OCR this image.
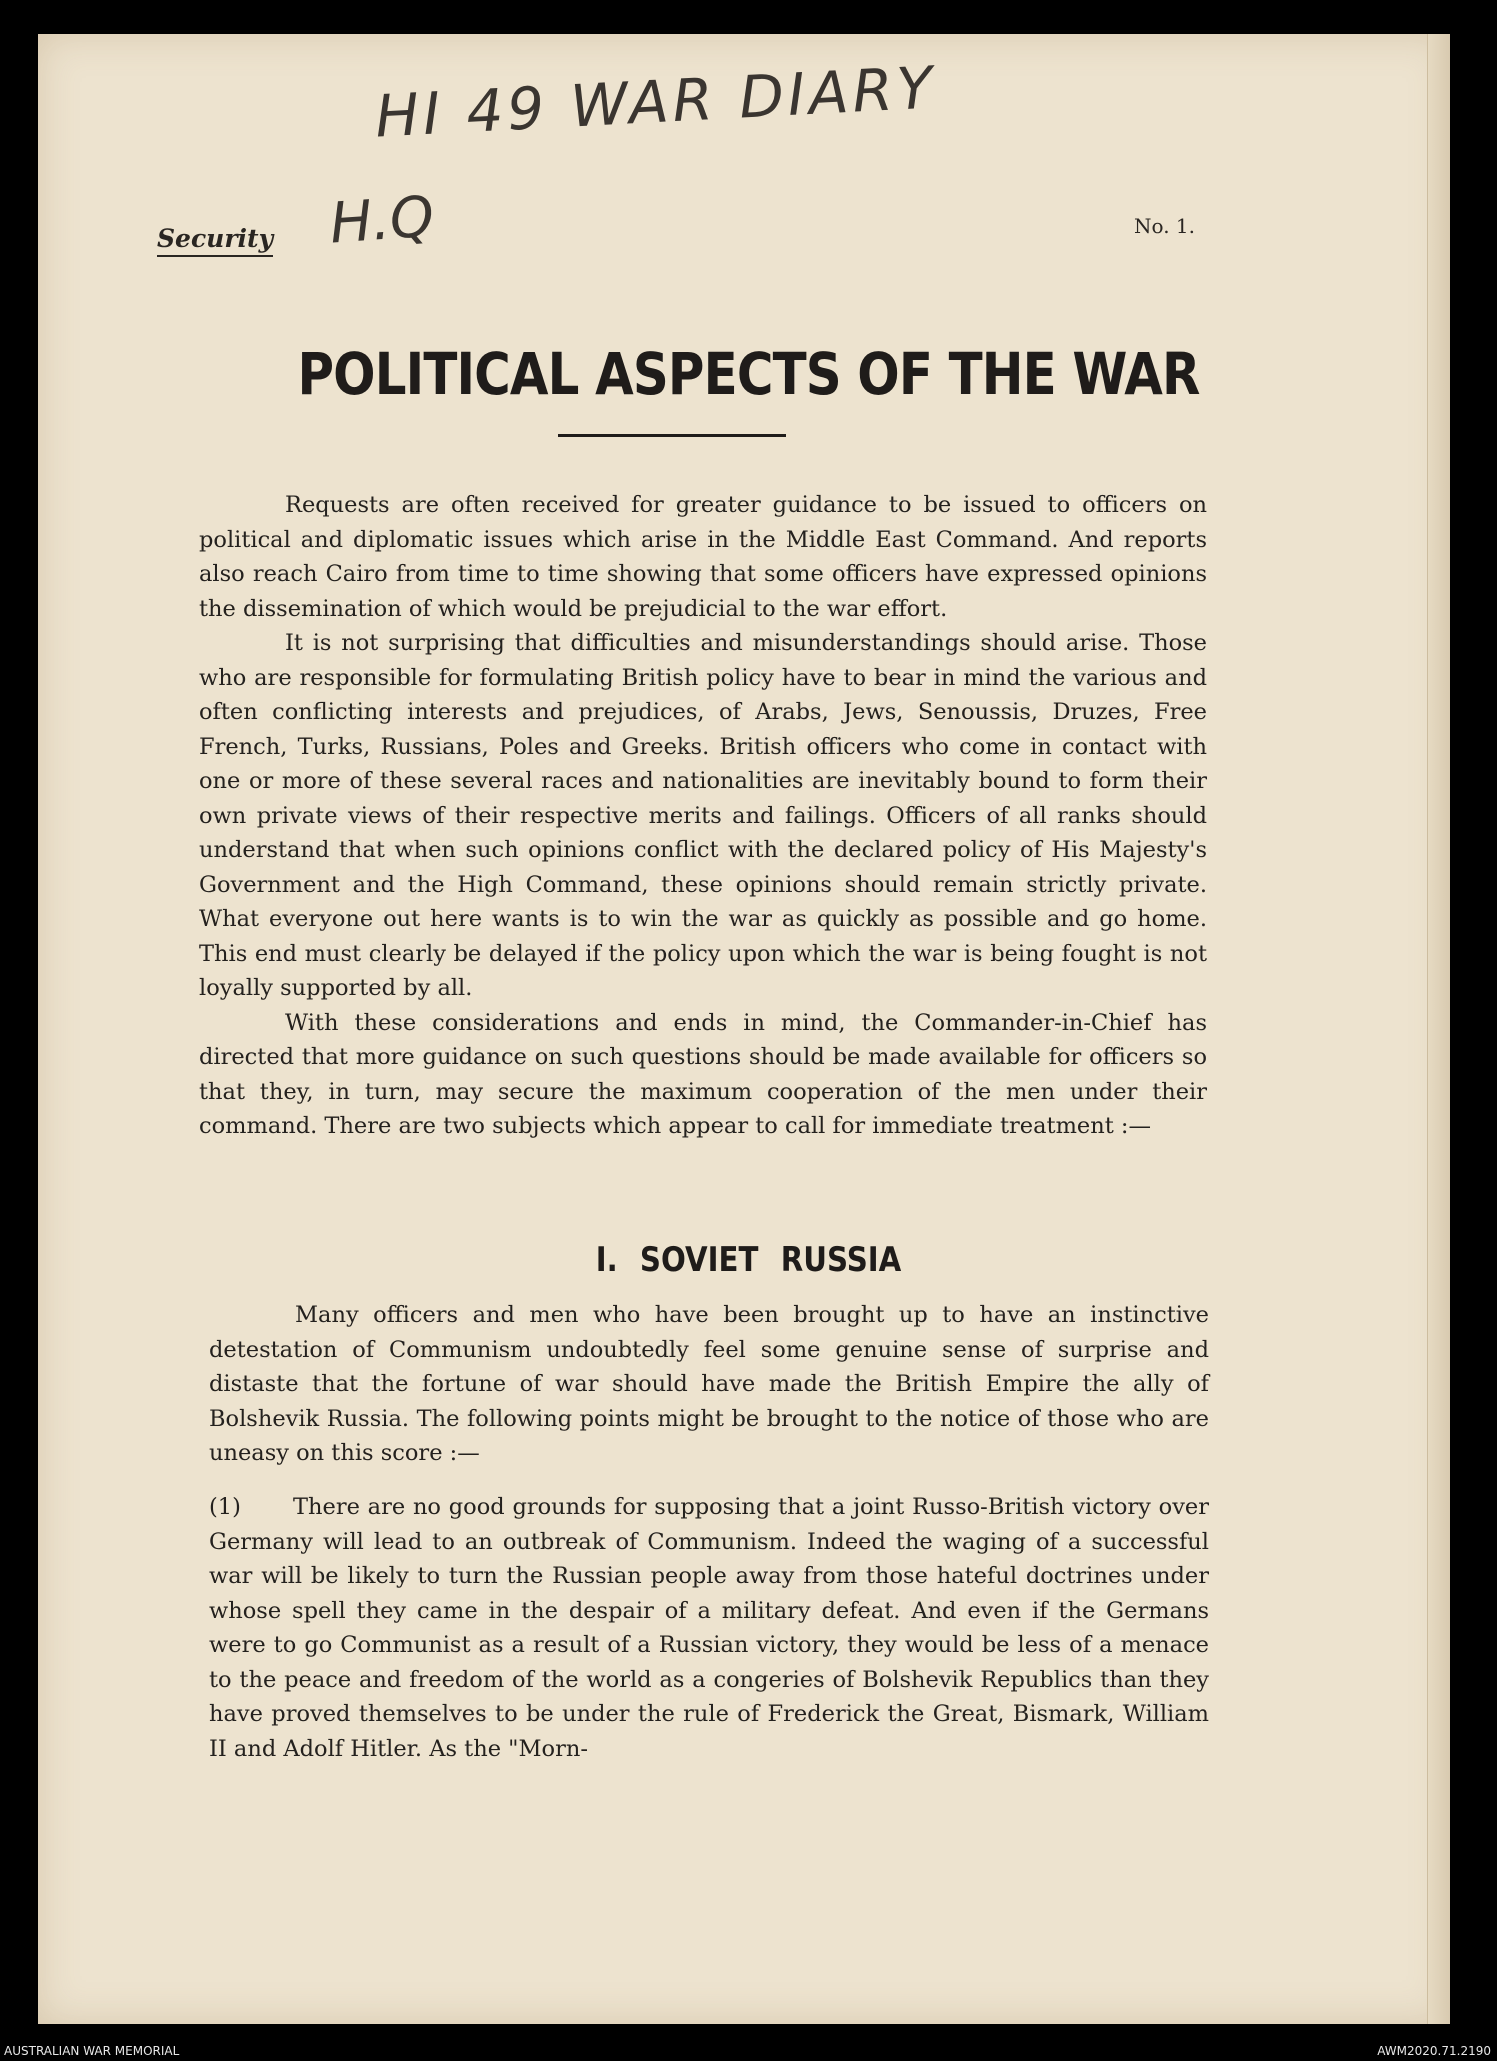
HI 49 WAR DIARY
H.Q
Security	No. 1.
POLITICAL ASPECTS OF THE WAR

Requests are often received for greater guidance to be issued to officers on political and diplomatic issues which arise in the Middle East Command. And reports also reach Cairo from time to time showing that some officers have expressed opinions the dissemination of which would be prejudicial to the war effort.

It is not surprising that difficulties and misunderstandings should arise. Those who are responsible for formulating British policy have to bear in mind the various and often conflicting interests and prejudices, of Arabs, Jews, Senoussis, Druzes, Free French, Turks, Russians, Poles and Greeks. British officers who come in contact with one or more of these several races and nationalities are inevitably bound to form their own private views of their respective merits and failings. Officers of all ranks should understand that when such opinions conflict with the declared policy of His Majesty's Government and the High Command, these opinions should remain strictly private. What everyone out here wants is to win the war as quickly as possible and go home. This end must clearly be delayed if the policy upon which the war is being fought is not loyally supported by all.

With these considerations and ends in mind, the Commander-in-Chief has directed that more guidance on such questions should be made available for officers so that they, in turn, may secure the maximum cooperation of the men under their command. There are two subjects which appear to call for immediate treatment :—

I. SOVIET RUSSIA

Many officers and men who have been brought up to have an instinctive detestation of Communism undoubtedly feel some genuine sense of surprise and distaste that the fortune of war should have made the British Empire the ally of Bolshevik Russia. The following points might be brought to the notice of those who are uneasy on this score :—

(1) There are no good grounds for supposing that a joint Russo-British victory over Germany will lead to an outbreak of Communism. Indeed the waging of a successful war will be likely to turn the Russian people away from those hateful doctrines under whose spell they came in the despair of a military defeat. And even if the Germans were to go Communist as a result of a Russian victory, they would be less of a menace to the peace and freedom of the world as a congeries of Bolshevik Republics than they have proved themselves to be under the rule of Frederick the Great, Bismark, William II and Adolf Hitler. As the "Morn-

AUSTRALIAN WAR MEMORIAL	AWM2020.71.2190
